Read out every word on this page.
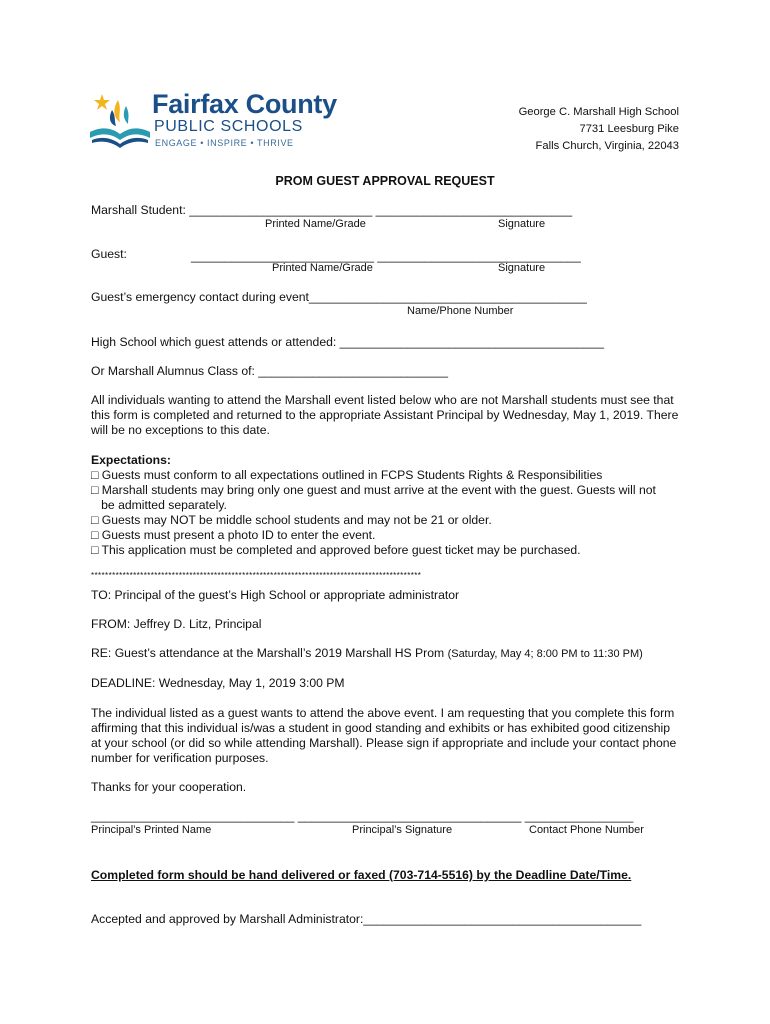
Fairfax County
PUBLIC SCHOOLS
ENGAGE • INSPIRE • THRIVE
George C. Marshall High School
7731 Leesburg Pike
Falls Church, Virginia, 22043
PROM GUEST APPROVAL REQUEST
Marshall Student: ___________________________ _____________________________
Printed Name/Grade	Signature
Guest:	___________________________ ______________________________
Printed Name/Grade	Signature
Guest’s emergency contact during event_________________________________________
Name/Phone Number
High School which guest attends or attended: _______________________________________
Or Marshall Alumnus Class of: ____________________________
All individuals wanting to attend the Marshall event listed below who are not Marshall students must see that this form is completed and returned to the appropriate Assistant Principal by Wednesday, May 1, 2019. There will be no exceptions to this date.
Expectations:
□ Guests must conform to all expectations outlined in FCPS Students Rights & Responsibilities
□ Marshall students may bring only one guest and must arrive at the event with the guest. Guests will not
be admitted separately.
□ Guests may NOT be middle school students and may not be 21 or older.
□ Guests must present a photo ID to enter the event.
□ This application must be completed and approved before guest ticket may be purchased.
**********************************************************************************************
TO: Principal of the guest’s High School or appropriate administrator
FROM: Jeffrey D. Litz, Principal
RE: Guest’s attendance at the Marshall’s 2019 Marshall HS Prom (Saturday, May 4; 8:00 PM to 11:30 PM)
DEADLINE: Wednesday, May 1, 2019 3:00 PM
The individual listed as a guest wants to attend the above event. I am requesting that you complete this form affirming that this individual is/was a student in good standing and exhibits or has exhibited good citizenship at your school (or did so while attending Marshall). Please sign if appropriate and include your contact phone number for verification purposes.
Thanks for your cooperation.
______________________________ _________________________________ ________________
Principal’s Printed Name	Principal’s Signature	Contact Phone Number
Completed form should be hand delivered or faxed (703-714-5516) by the Deadline Date/Time.
Accepted and approved by Marshall Administrator:_________________________________________
